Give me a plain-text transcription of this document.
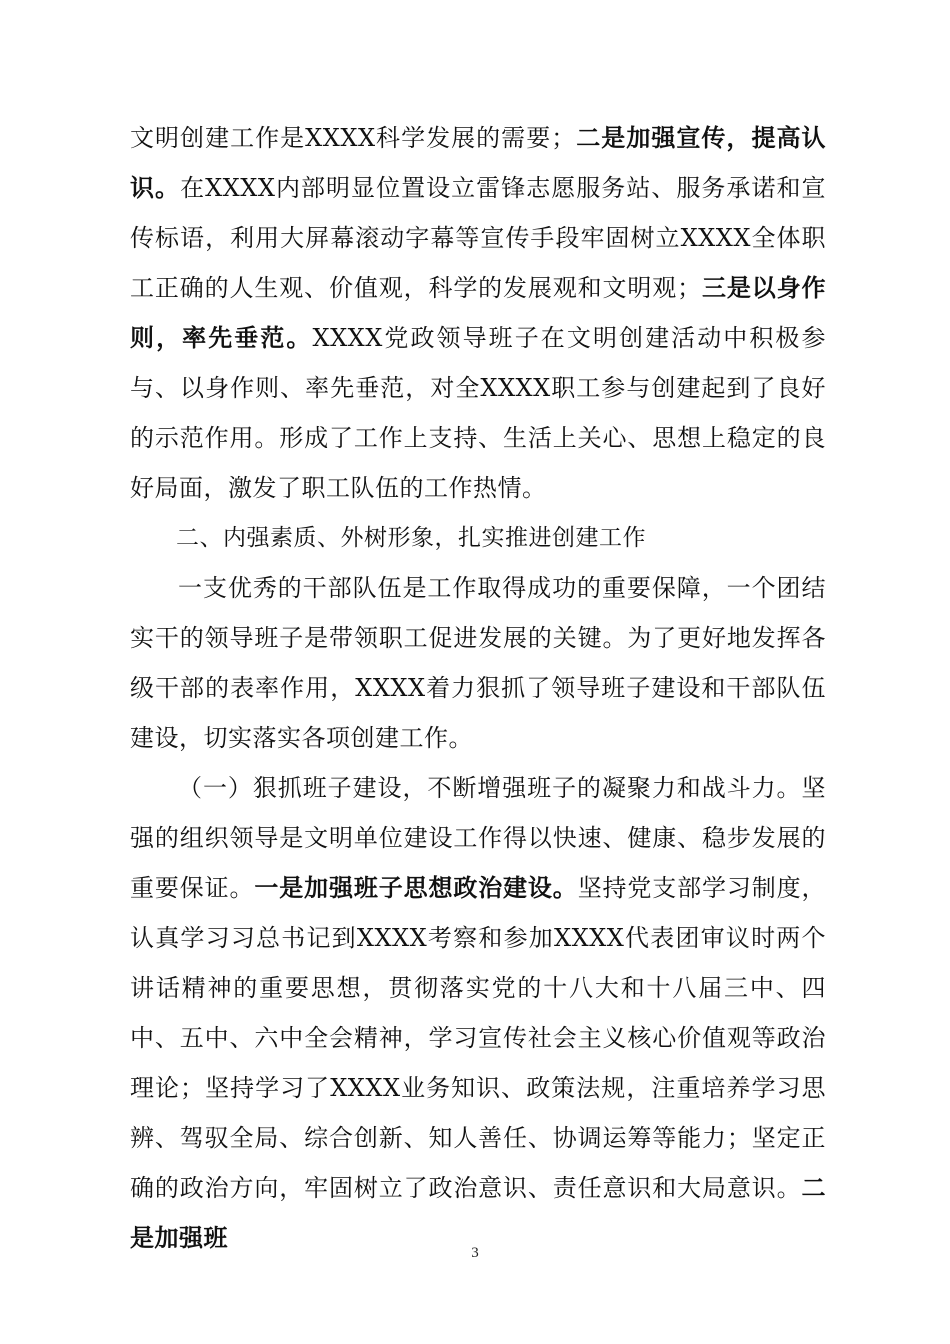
文明创建工作是XXXX科学发展的需要；二是加强宣传，提高认识。在XXXX内部明显位置设立雷锋志愿服务站、服务承诺和宣传标语，利用大屏幕滚动字幕等宣传手段牢固树立XXXX全体职工正确的人生观、价值观，科学的发展观和文明观；三是以身作则，率先垂范。XXXX党政领导班子在文明创建活动中积极参与、以身作则、率先垂范，对全XXXX职工参与创建起到了良好的示范作用。形成了工作上支持、生活上关心、思想上稳定的良好局面，激发了职工队伍的工作热情。

二、内强素质、外树形象，扎实推进创建工作

一支优秀的干部队伍是工作取得成功的重要保障，一个团结实干的领导班子是带领职工促进发展的关键。为了更好地发挥各级干部的表率作用，XXXX着力狠抓了领导班子建设和干部队伍建设，切实落实各项创建工作。

（一）狠抓班子建设，不断增强班子的凝聚力和战斗力。坚强的组织领导是文明单位建设工作得以快速、健康、稳步发展的重要保证。一是加强班子思想政治建设。坚持党支部学习制度，认真学习习总书记到XXXX考察和参加XXXX代表团审议时两个讲话精神的重要思想，贯彻落实党的十八大和十八届三中、四中、五中、六中全会精神，学习宣传社会主义核心价值观等政治理论；坚持学习了XXXX业务知识、政策法规，注重培养学习思辨、驾驭全局、综合创新、知人善任、协调运筹等能力；坚定正确的政治方向，牢固树立了政治意识、责任意识和大局意识。二是加强班

3
